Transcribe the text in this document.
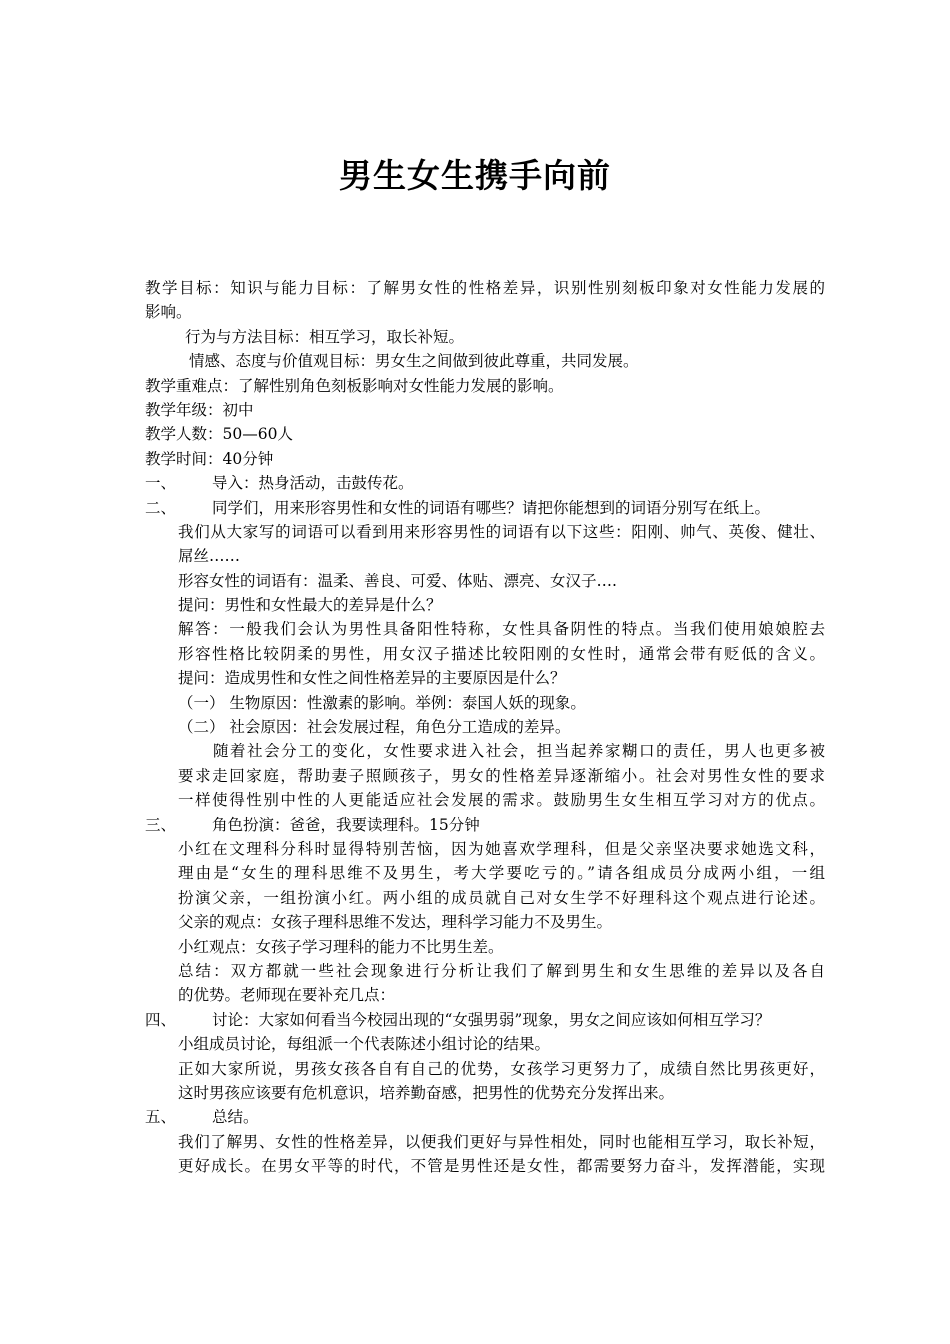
男生女生携手向前
教学目标：知识与能力目标：了解男女性的性格差异，识别性别刻板印象对女性能力发展的
影响。
行为与方法目标：相互学习，取长补短。
情感、态度与价值观目标：男女生之间做到彼此尊重，共同发展。
教学重难点：了解性别角色刻板影响对女性能力发展的影响。
教学年级：初中
教学人数：50—60人
教学时间：40分钟
一、 导入：热身活动，击鼓传花。
二、 同学们，用来形容男性和女性的词语有哪些？请把你能想到的词语分别写在纸上。
我们从大家写的词语可以看到用来形容男性的词语有以下这些：阳刚、帅气、英俊、健壮、
屌丝……
形容女性的词语有：温柔、善良、可爱、体贴、漂亮、女汉子….
提问：男性和女性最大的差异是什么？
解答：一般我们会认为男性具备阳性特称，女性具备阴性的特点。当我们使用娘娘腔去
形容性格比较阴柔的男性，用女汉子描述比较阳刚的女性时，通常会带有贬低的含义。
提问：造成男性和女性之间性格差异的主要原因是什么？
（一） 生物原因：性激素的影响。举例：泰国人妖的现象。
（二） 社会原因：社会发展过程，角色分工造成的差异。
随着社会分工的变化，女性要求进入社会，担当起养家糊口的责任，男人也更多被
要求走回家庭，帮助妻子照顾孩子，男女的性格差异逐渐缩小。社会对男性女性的要求
一样使得性别中性的人更能适应社会发展的需求。鼓励男生女生相互学习对方的优点。
三、 角色扮演：爸爸，我要读理科。15分钟
小红在文理科分科时显得特别苦恼，因为她喜欢学理科，但是父亲坚决要求她选文科，
理由是“女生的理科思维不及男生，考大学要吃亏的。”请各组成员分成两小组，一组
扮演父亲，一组扮演小红。两小组的成员就自己对女生学不好理科这个观点进行论述。
父亲的观点：女孩子理科思维不发达，理科学习能力不及男生。
小红观点：女孩子学习理科的能力不比男生差。
总结：双方都就一些社会现象进行分析让我们了解到男生和女生思维的差异以及各自
的优势。老师现在要补充几点：
四、 讨论：大家如何看当今校园出现的“女强男弱”现象，男女之间应该如何相互学习？
小组成员讨论，每组派一个代表陈述小组讨论的结果。
正如大家所说，男孩女孩各自有自己的优势，女孩学习更努力了，成绩自然比男孩更好，
这时男孩应该要有危机意识，培养勤奋感，把男性的优势充分发挥出来。
五、 总结。
我们了解男、女性的性格差异，以便我们更好与异性相处，同时也能相互学习，取长补短，
更好成长。在男女平等的时代，不管是男性还是女性，都需要努力奋斗，发挥潜能，实现
